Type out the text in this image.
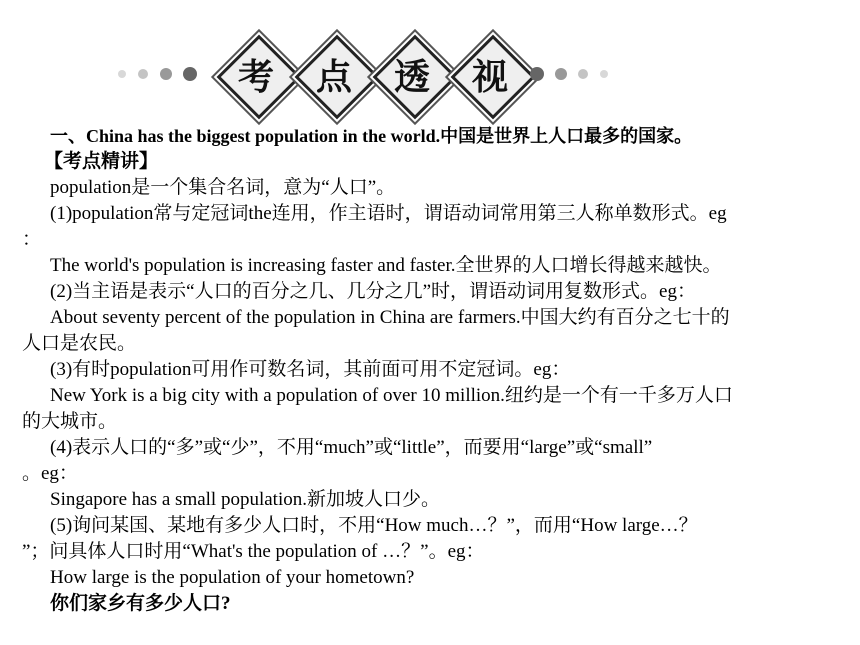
考	点	透	视
一、China has the biggest population in the world.中国是世界上人口最多的国家。
【考点精讲】
population是一个集合名词，意为“人口”。
(1)population常与定冠词the连用，作主语时，谓语动词常用第三人称单数形式。eg
：
The world's population is increasing faster and faster.全世界的人口增长得越来越快。
(2)当主语是表示“人口的百分之几、几分之几”时，谓语动词用复数形式。eg：
About seventy percent of the population in China are farmers.中国大约有百分之七十的
人口是农民。
(3)有时population可用作可数名词，其前面可用不定冠词。eg：
New York is a big city with a population of over 10 million.纽约是一个有一千多万人口
的大城市。
(4)表示人口的“多”或“少”，不用“much”或“little”，而要用“large”或“small”
。eg：
Singapore has a small population.新加坡人口少。
(5)询问某国、某地有多少人口时，不用“How much…？”，而用“How large…？
”；问具体人口时用“What's the population of …？”。eg：
How large is the population of your hometown?
你们家乡有多少人口?
